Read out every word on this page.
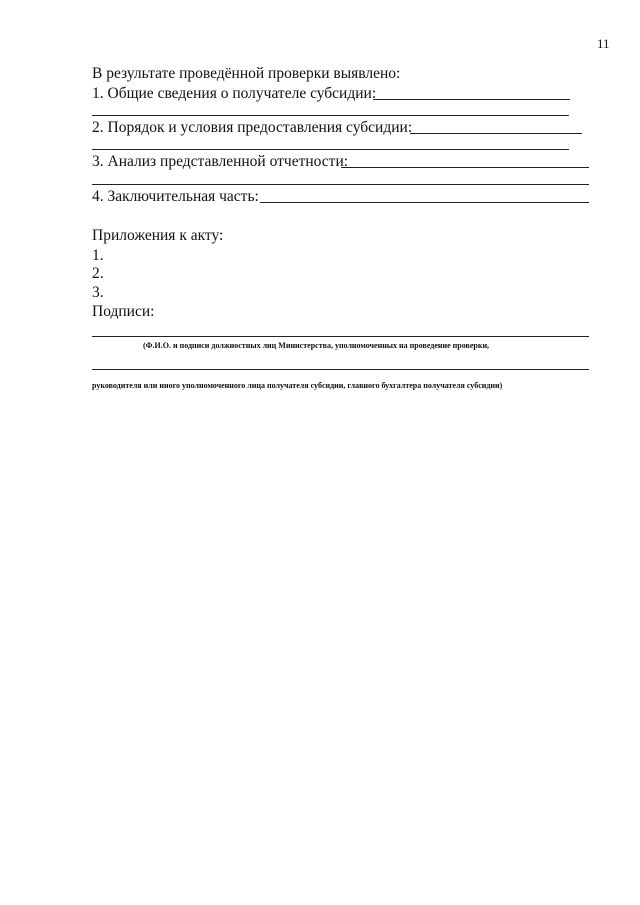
11
В результате проведённой проверки выявлено:
1. Общие сведения о получателе субсидии:
2. Порядок и условия предоставления субсидии:
3. Анализ представленной отчетности:
4. Заключительная часть:
Приложения к акту:
1.
2.
3.
Подписи:
(Ф.И.О. и подписи должностных лиц Министерства, уполномоченных на проведение проверки,
руководителя или иного уполномоченного лица получателя субсидии, главного бухгалтера получателя субсидии)
